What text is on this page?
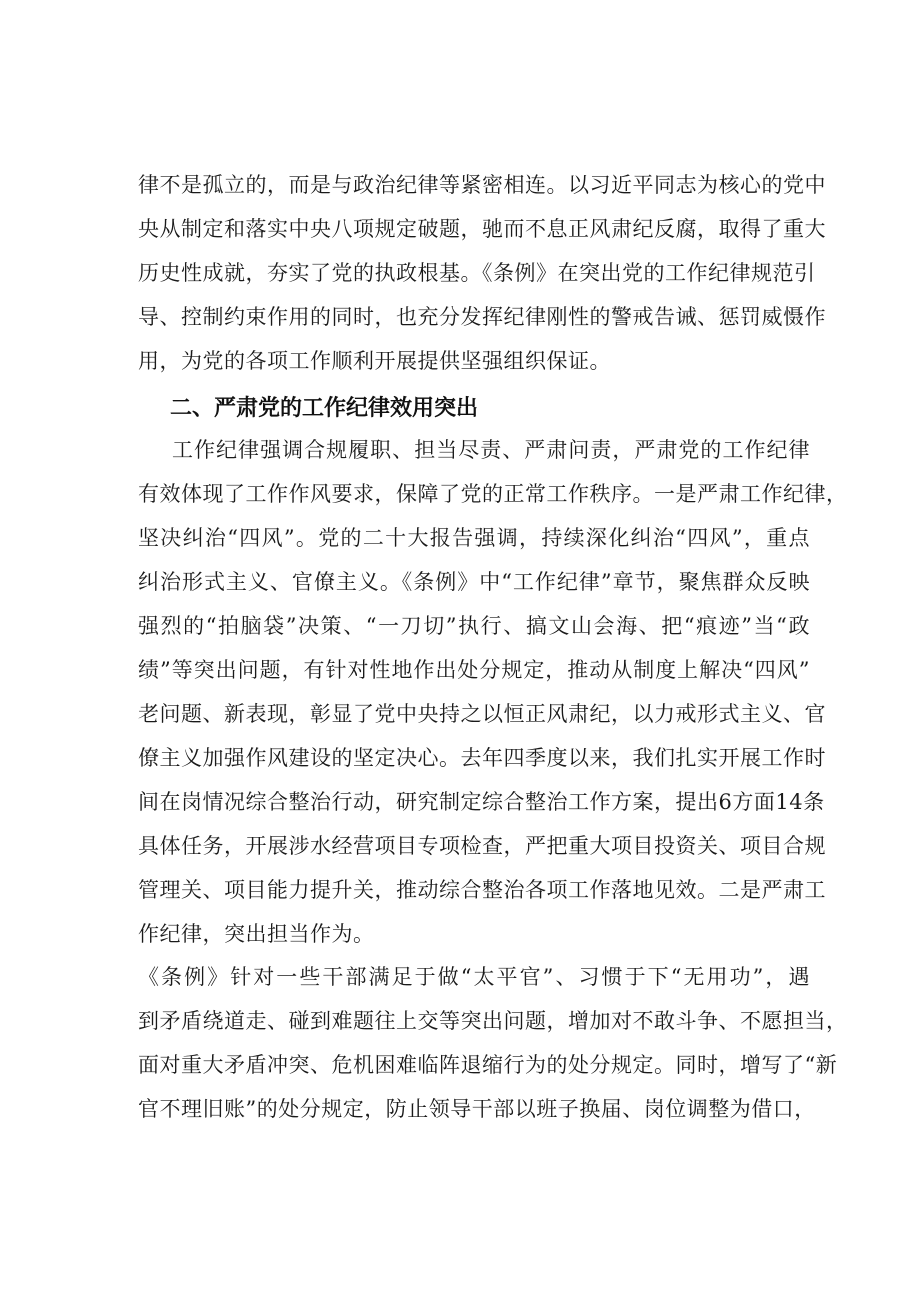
律不是孤立的，而是与政治纪律等紧密相连。以习近平同志为核心的党中
央从制定和落实中央八项规定破题，驰而不息正风肃纪反腐，取得了重大
历史性成就，夯实了党的执政根基。《条例》在突出党的工作纪律规范引
导、控制约束作用的同时，也充分发挥纪律刚性的警戒告诫、惩罚威慑作
用，为党的各项工作顺利开展提供坚强组织保证。
二、严肃党的工作纪律效用突出
工作纪律强调合规履职、担当尽责、严肃问责，严肃党的工作纪律
有效体现了工作作风要求，保障了党的正常工作秩序。一是严肃工作纪律，
坚决纠治“四风”。党的二十大报告强调，持续深化纠治“四风”，重点
纠治形式主义、官僚主义。《条例》中“工作纪律”章节，聚焦群众反映
强烈的“拍脑袋”决策、“一刀切”执行、搞文山会海、把“痕迹”当“政
绩”等突出问题，有针对性地作出处分规定，推动从制度上解决“四风”
老问题、新表现，彰显了党中央持之以恒正风肃纪，以力戒形式主义、官
僚主义加强作风建设的坚定决心。去年四季度以来，我们扎实开展工作时
间在岗情况综合整治行动，研究制定综合整治工作方案，提出6方面14条
具体任务，开展涉水经营项目专项检查，严把重大项目投资关、项目合规
管理关、项目能力提升关，推动综合整治各项工作落地见效。二是严肃工
作纪律，突出担当作为。
《条例》针对一些干部满足于做“太平官”、习惯于下“无用功”，遇
到矛盾绕道走、碰到难题往上交等突出问题，增加对不敢斗争、不愿担当，
面对重大矛盾冲突、危机困难临阵退缩行为的处分规定。同时，增写了“新
官不理旧账”的处分规定，防止领导干部以班子换届、岗位调整为借口，
